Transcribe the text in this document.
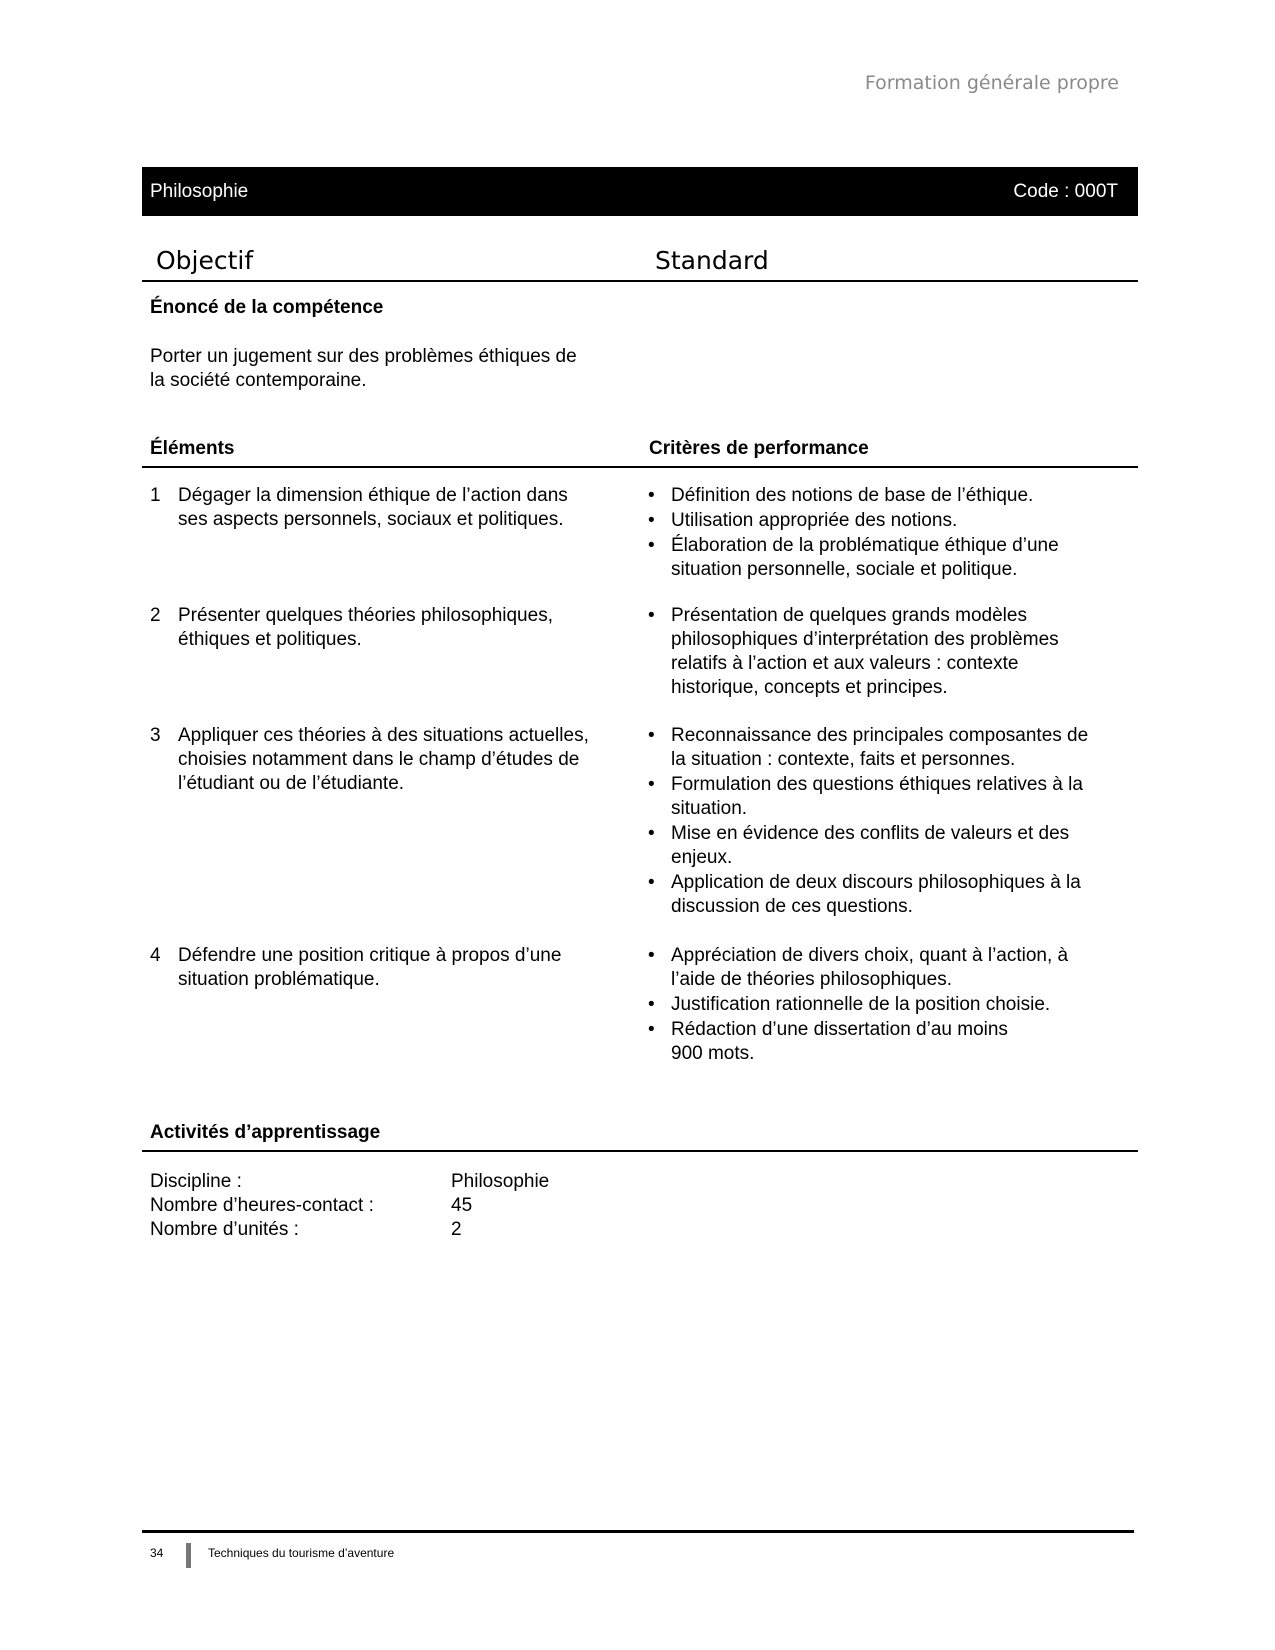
Formation générale propre
Philosophie	Code : 000T
Objectif	Standard
Énoncé de la compétence
Porter un jugement sur des problèmes éthiques de
la société contemporaine.
Éléments	Critères de performance
1 Dégager la dimension éthique de l’action dans
ses aspects personnels, sociaux et politiques.
• Définition des notions de base de l’éthique.
• Utilisation appropriée des notions.
• Élaboration de la problématique éthique d’une
situation personnelle, sociale et politique.
2 Présenter quelques théories philosophiques,
éthiques et politiques.
• Présentation de quelques grands modèles
philosophiques d’interprétation des problèmes
relatifs à l’action et aux valeurs : contexte
historique, concepts et principes.
3 Appliquer ces théories à des situations actuelles,
choisies notamment dans le champ d’études de
l’étudiant ou de l’étudiante.
• Reconnaissance des principales composantes de
la situation : contexte, faits et personnes.
• Formulation des questions éthiques relatives à la
situation.
• Mise en évidence des conflits de valeurs et des
enjeux.
• Application de deux discours philosophiques à la
discussion de ces questions.
4 Défendre une position critique à propos d’une
situation problématique.
• Appréciation de divers choix, quant à l’action, à
l’aide de théories philosophiques.
• Justification rationnelle de la position choisie.
• Rédaction d’une dissertation d’au moins
900 mots.
Activités d’apprentissage
Discipline :	Philosophie
Nombre d’heures-contact :	45
Nombre d’unités :	2
34	Techniques du tourisme d’aventure
